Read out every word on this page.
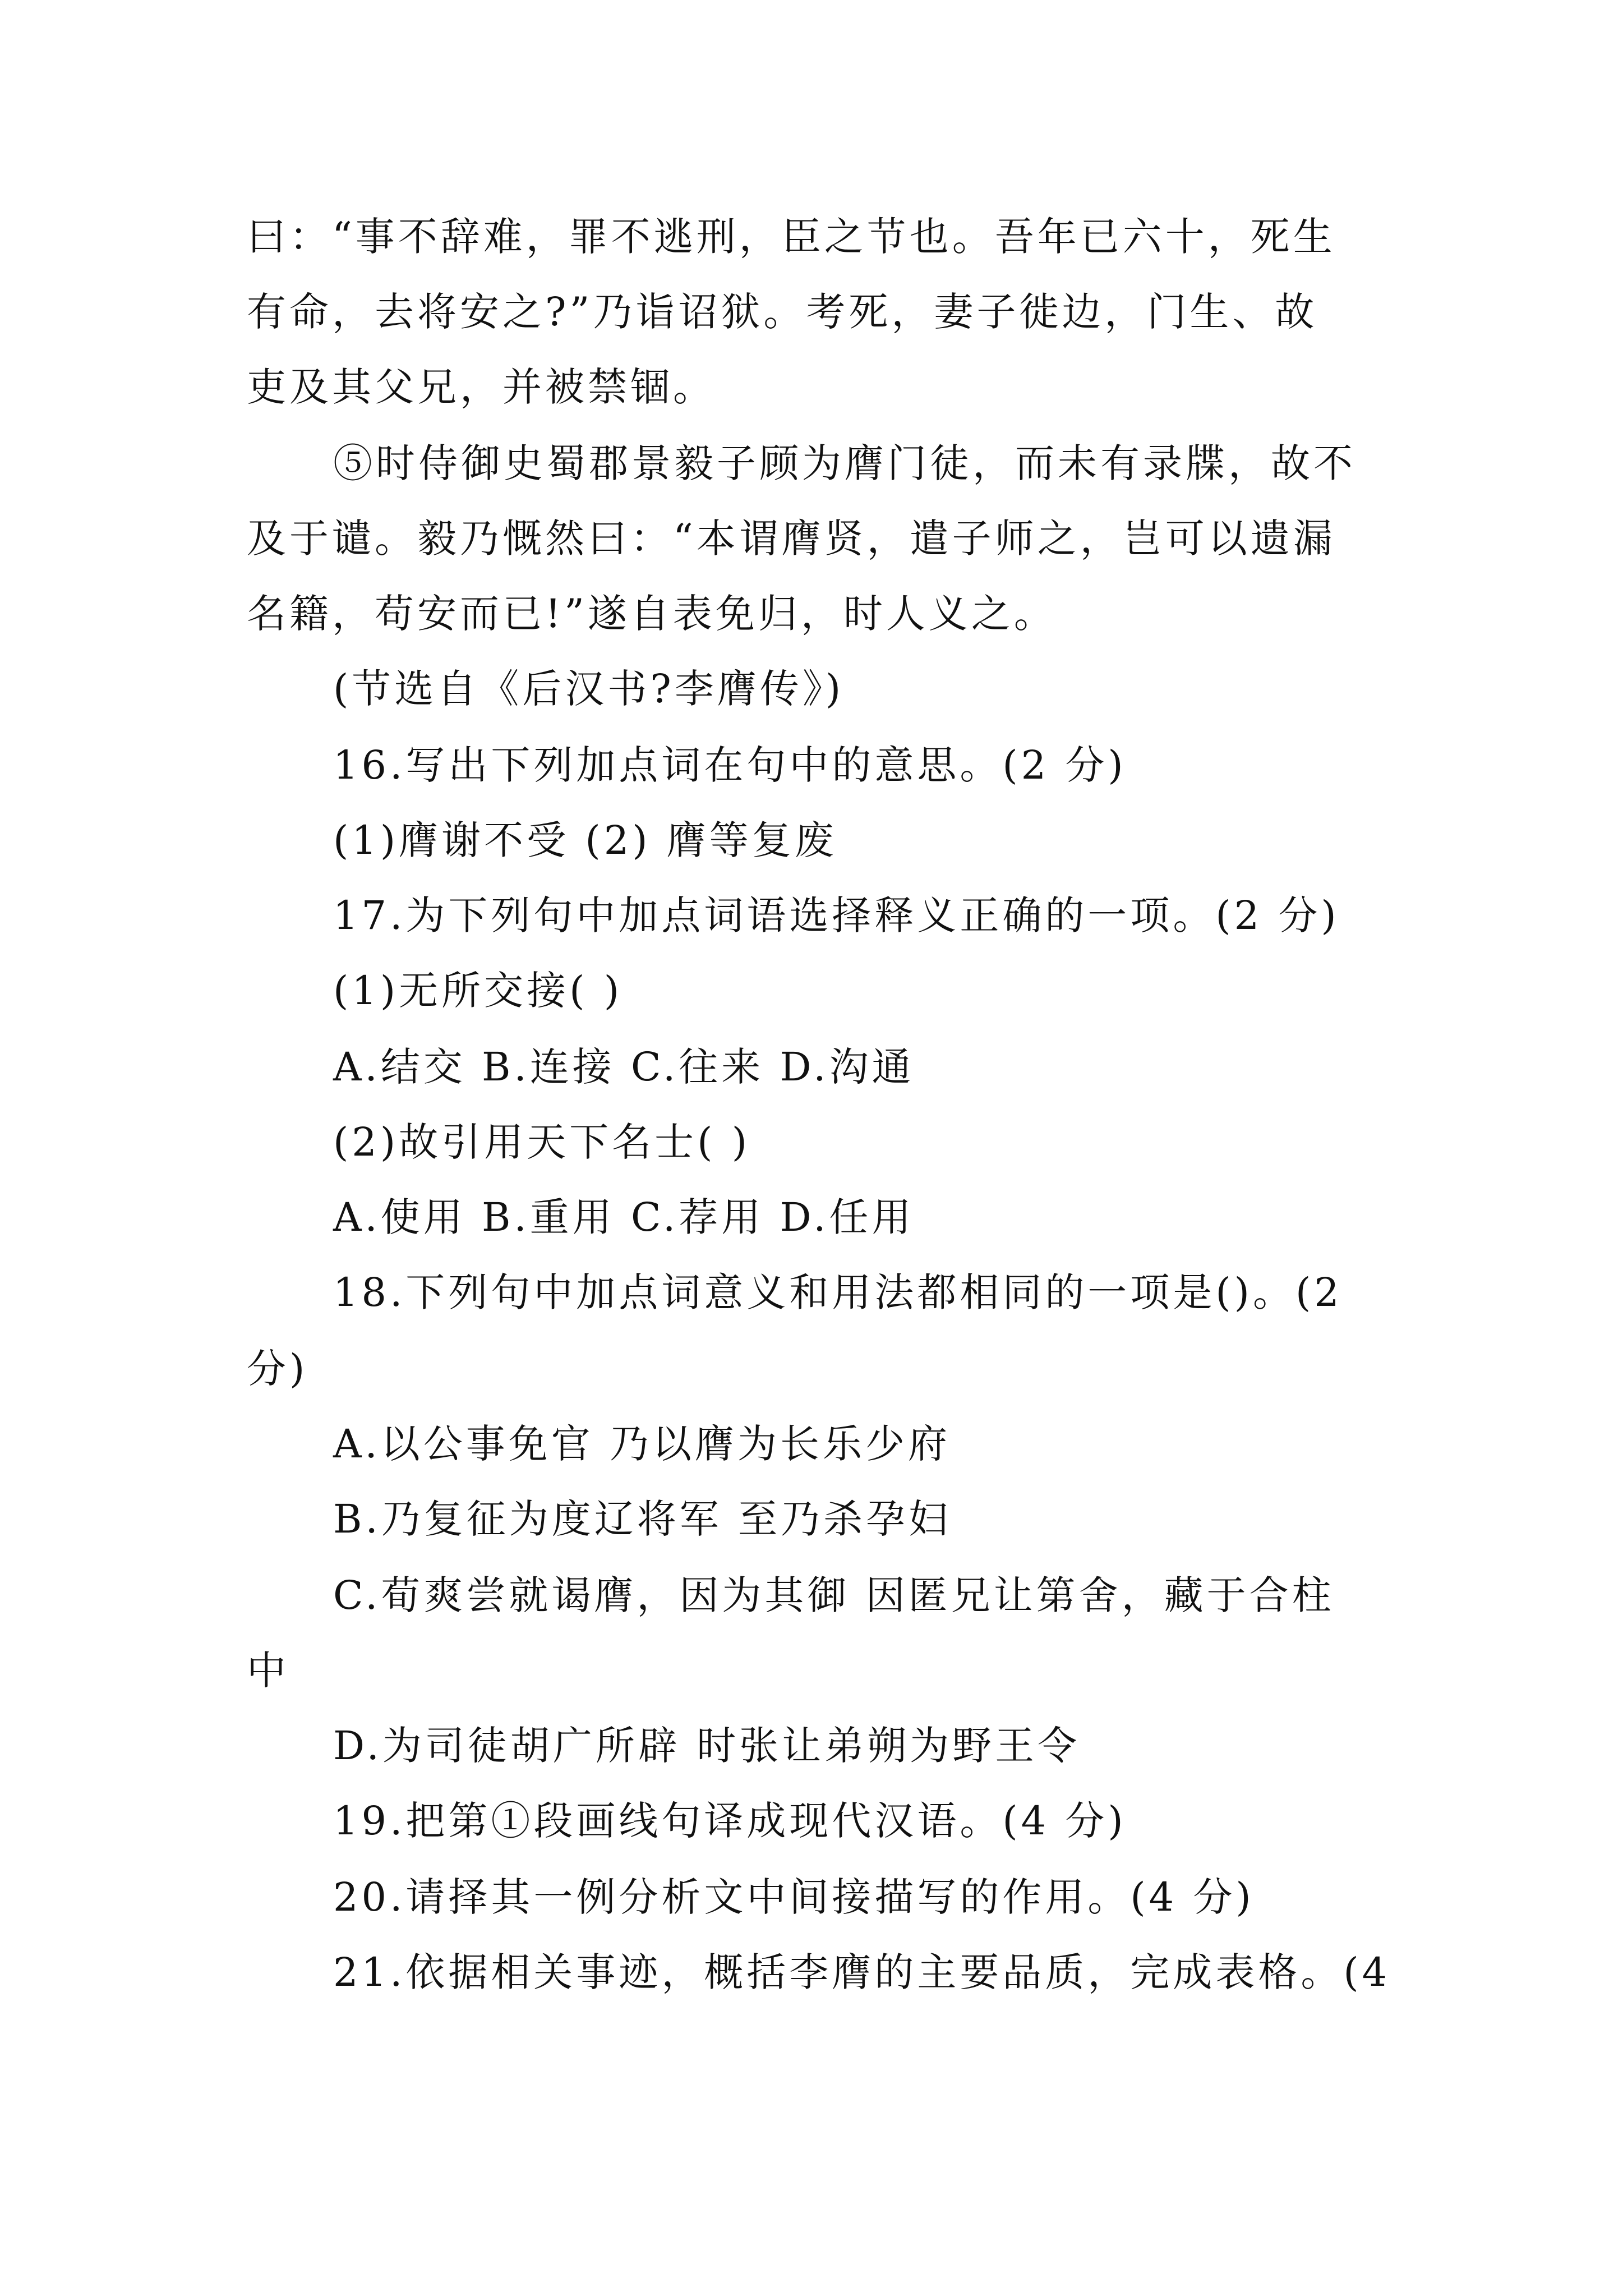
曰：“事不辞难，罪不逃刑，臣之节也。吾年已六十，死生
有命，去将安之?”乃诣诏狱。考死，妻子徙边，门生、故
吏及其父兄，并被禁锢。
⑤时侍御史蜀郡景毅子顾为膺门徒，而未有录牒，故不
及于谴。毅乃慨然曰：“本谓膺贤，遣子师之，岂可以遗漏
名籍，苟安而已!”遂自表免归，时人义之。
(节选自《后汉书?李膺传》)
16.写出下列加点词在句中的意思。(2 分)
(1)膺谢不受 (2) 膺等复废
17.为下列句中加点词语选择释义正确的一项。(2 分)
(1)无所交接( )
A.结交 B.连接 C.往来 D.沟通
(2)故引用天下名士( )
A.使用 B.重用 C.荐用 D.任用
18.下列句中加点词意义和用法都相同的一项是()。(2
分)
A.以公事免官 乃以膺为长乐少府
B.乃复征为度辽将军 至乃杀孕妇
C.荀爽尝就谒膺，因为其御 因匿兄让第舍，藏于合柱
中
D.为司徒胡广所辟 时张让弟朔为野王令
19.把第①段画线句译成现代汉语。(4 分)
20.请择其一例分析文中间接描写的作用。(4 分)
21.依据相关事迹，概括李膺的主要品质，完成表格。(4
